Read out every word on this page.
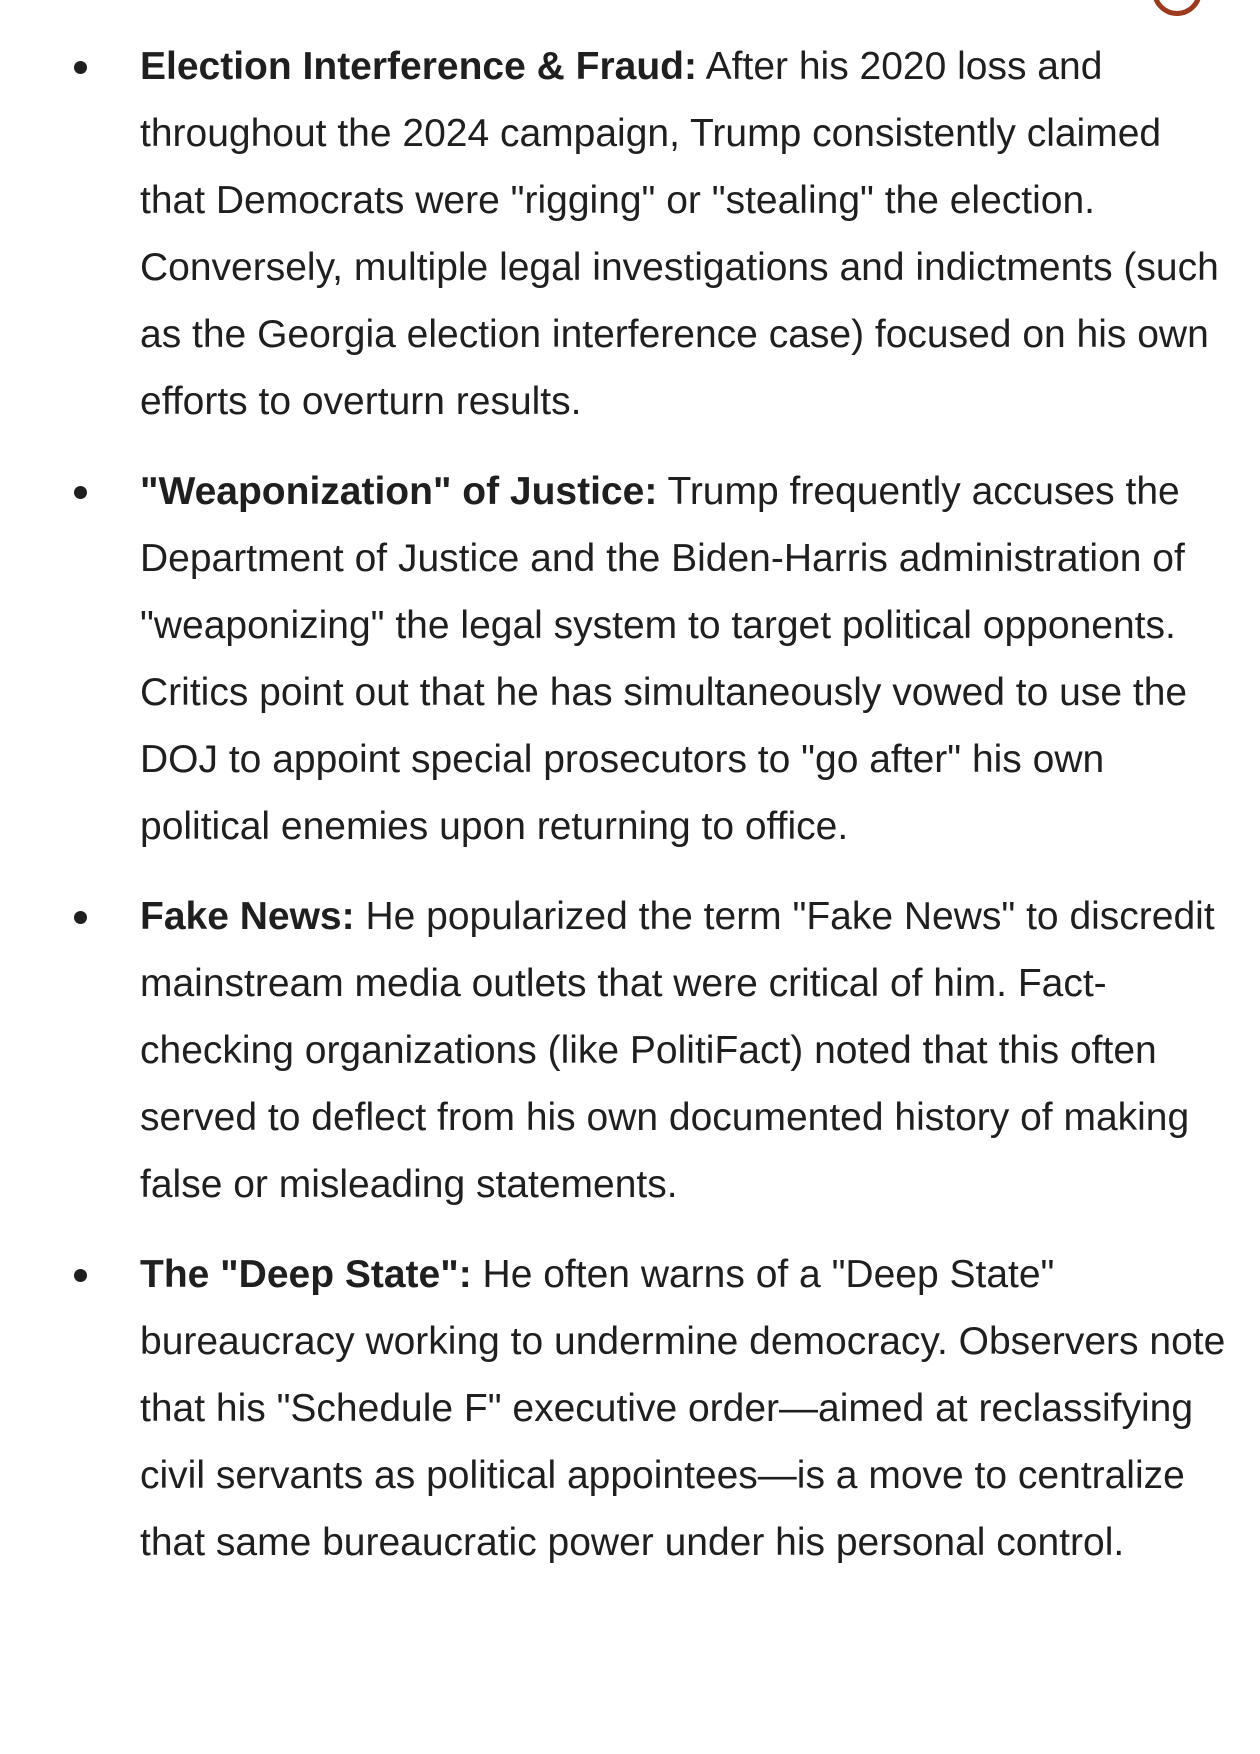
Election Interference & Fraud: After his 2020 loss and throughout the 2024 campaign, Trump consistently claimed that Democrats were "rigging" or "stealing" the election. Conversely, multiple legal investigations and indictments (such as the Georgia election interference case) focused on his own efforts to overturn results.
"Weaponization" of Justice: Trump frequently accuses the Department of Justice and the Biden-Harris administration of "weaponizing" the legal system to target political opponents. Critics point out that he has simultaneously vowed to use the DOJ to appoint special prosecutors to "go after" his own political enemies upon returning to office.
Fake News: He popularized the term "Fake News" to discredit mainstream media outlets that were critical of him. Fact-checking organizations (like PolitiFact) noted that this often served to deflect from his own documented history of making false or misleading statements.
The "Deep State": He often warns of a "Deep State" bureaucracy working to undermine democracy. Observers note that his "Schedule F" executive order—aimed at reclassifying civil servants as political appointees—is a move to centralize that same bureaucratic power under his personal control.
